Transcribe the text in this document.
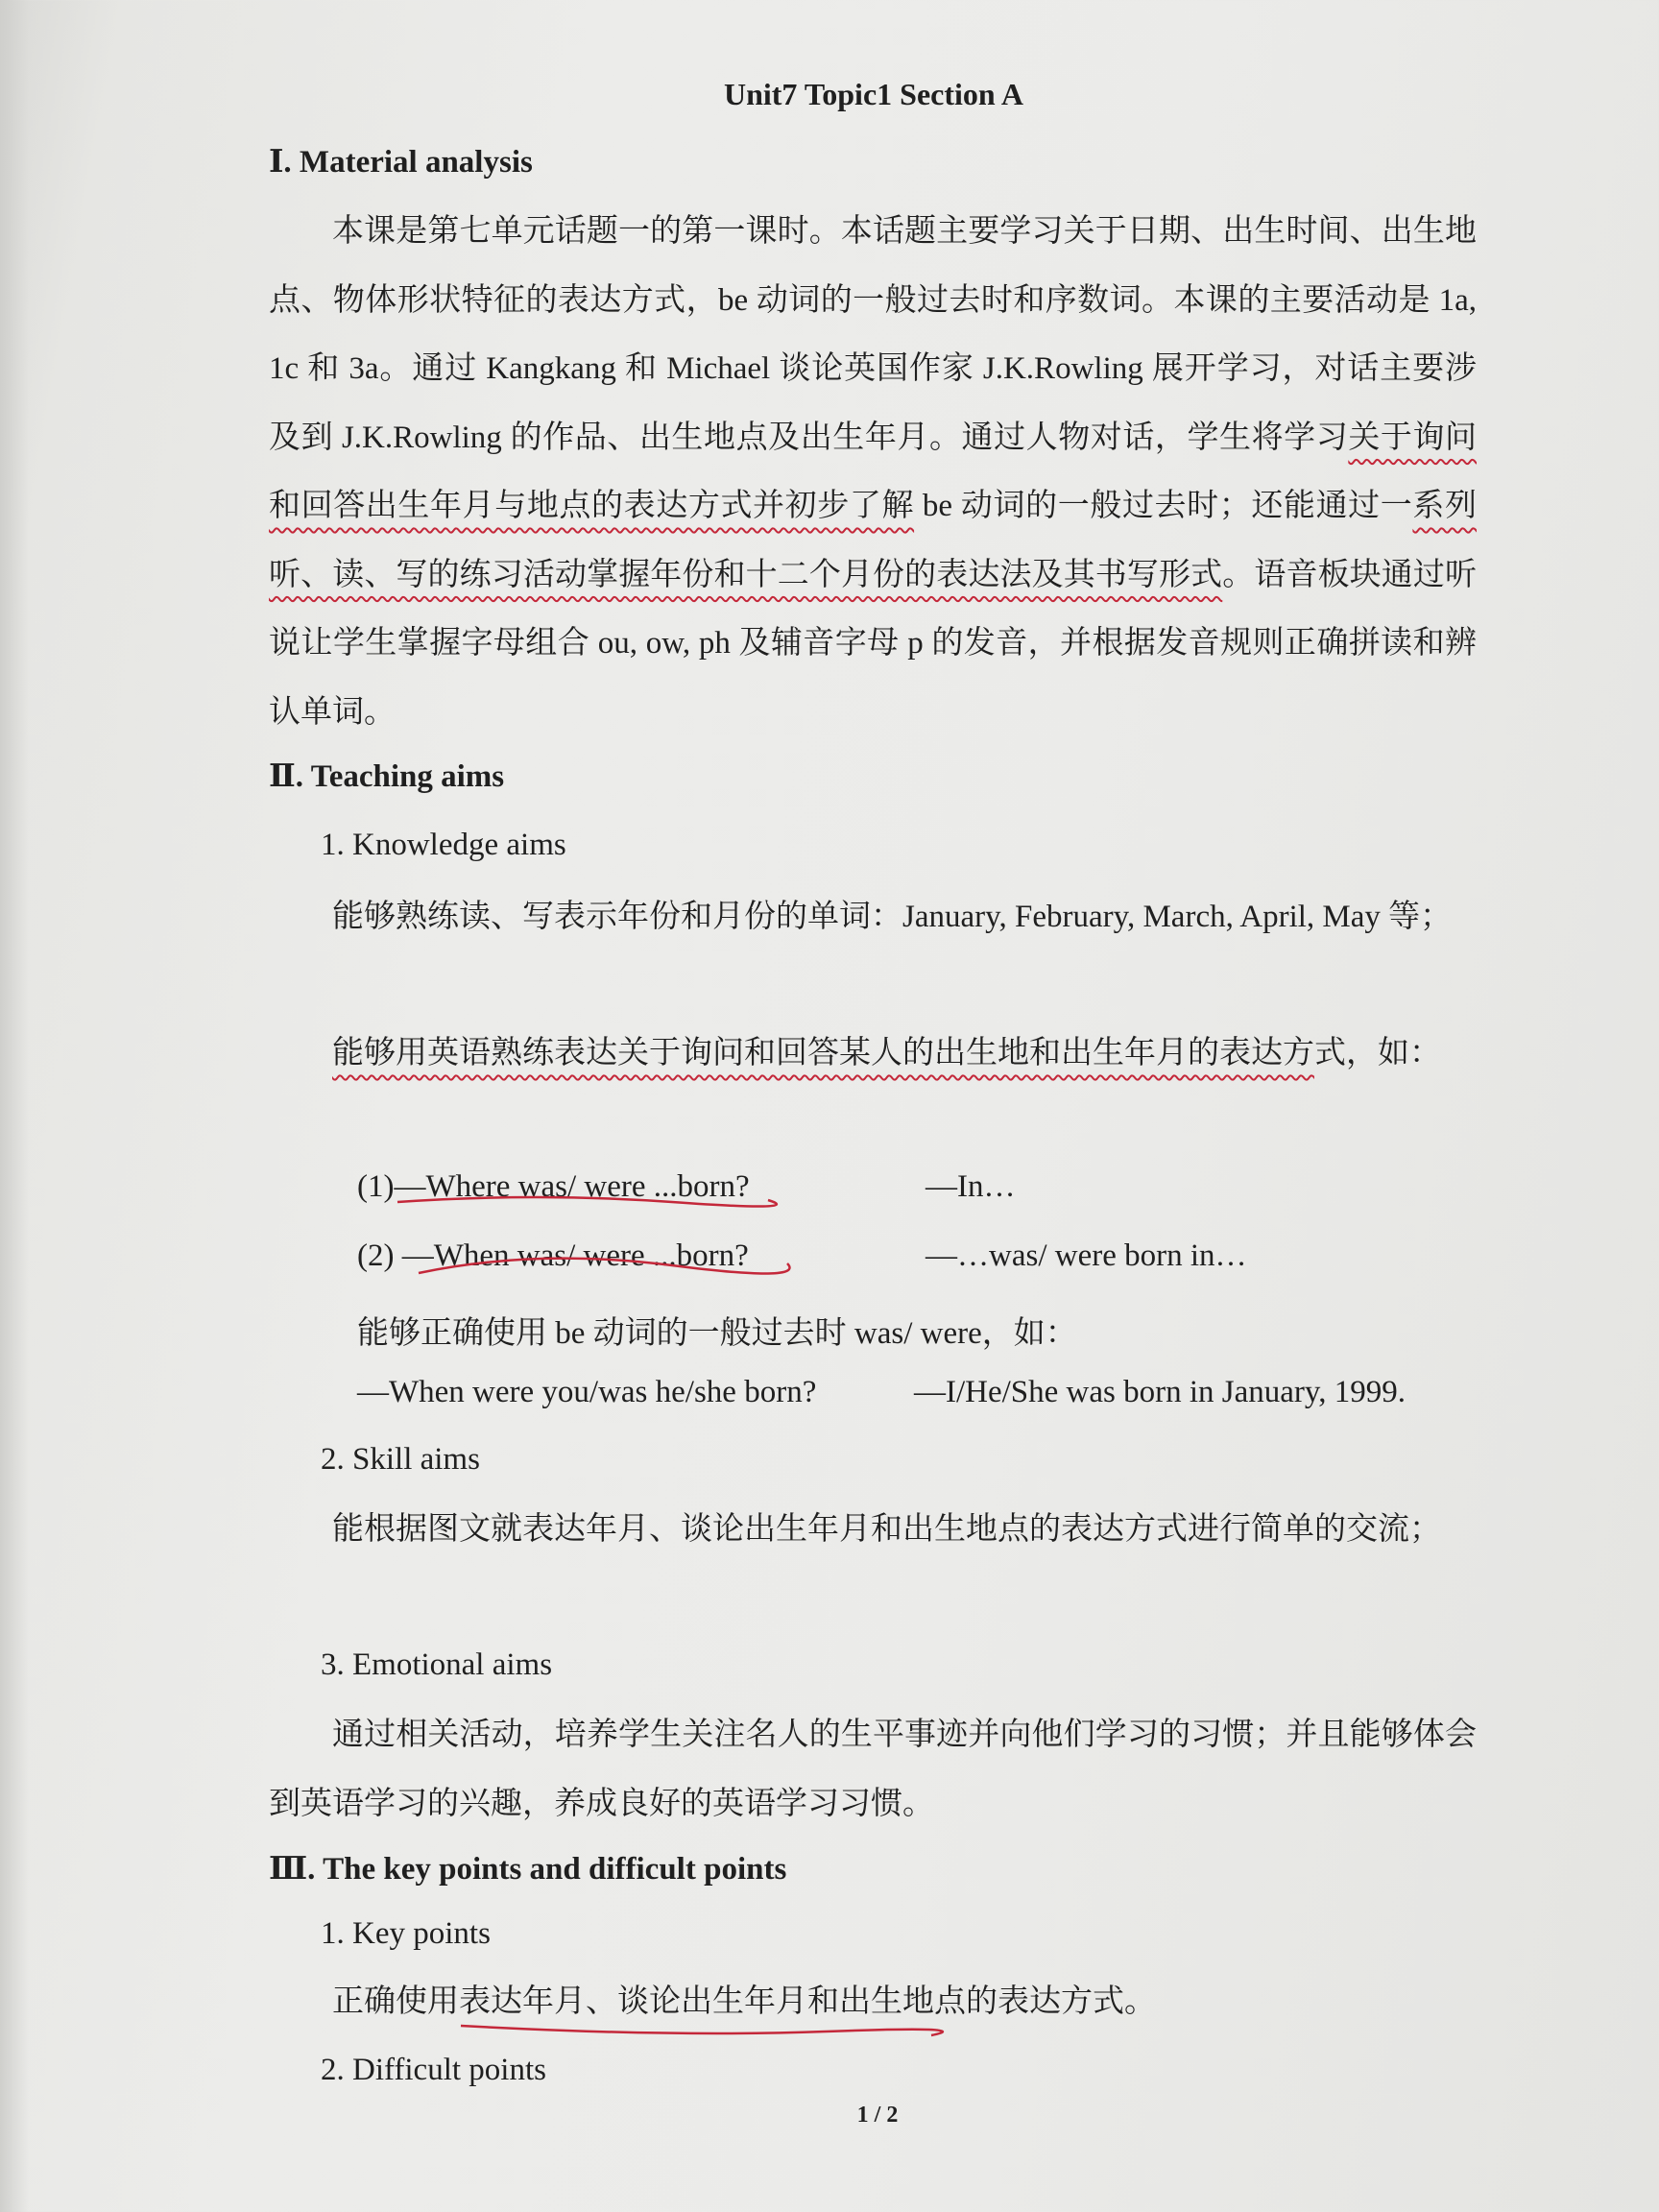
Unit7 Topic1 Section A
Ⅰ. Material analysis

本课是第七单元话题一的第一课时。本话题主要学习关于日期、出生时间、出生地点、物体形状特征的表达方式，be 动词的一般过去时和序数词。本课的主要活动是 1a, 1c 和 3a。通过 Kangkang 和 Michael 谈论英国作家 J.K.Rowling 展开学习，对话主要涉及到 J.K.Rowling 的作品、出生地点及出生年月。通过人物对话，学生将学习关于询问和回答出生年月与地点的表达方式并初步了解 be 动词的一般过去时；还能通过一系列听、读、写的练习活动掌握年份和十二个月份的表达法及其书写形式。语音板块通过听说让学生掌握字母组合 ou, ow, ph 及辅音字母 p 的发音，并根据发音规则正确拼读和辨认单词。

Ⅱ. Teaching aims
1. Knowledge aims

能够熟练读、写表示年份和月份的单词：January, February, March, April, May 等；

能够用英语熟练表达关于询问和回答某人的出生地和出生年月的表达方式，如：

(1)—Where was/ were ...born?	—In…
(2) —When was/ were ...born?	—…was/ were born in…
能够正确使用 be 动词的一般过去时 was/ were，如：
—When were you/was he/she born?	—I/He/She was born in January, 1999.
2. Skill aims

能根据图文就表达年月、谈论出生年月和出生地点的表达方式进行简单的交流；

3. Emotional aims

通过相关活动，培养学生关注名人的生平事迹并向他们学习的习惯；并且能够体会到英语学习的兴趣，养成良好的英语学习习惯。

Ⅲ. The key points and difficult points
1. Key points

正确使用表达年月、谈论出生年月和出生地点的表达方式。

2. Difficult points
1 / 2
